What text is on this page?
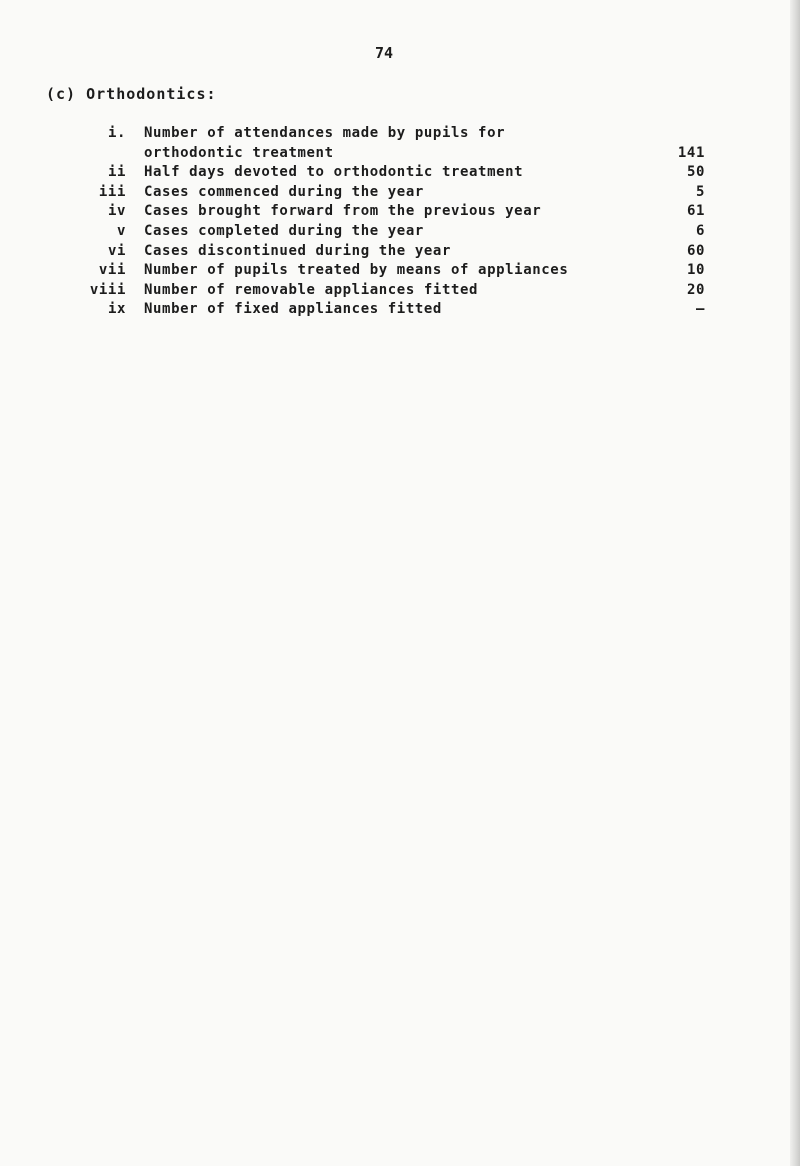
74
(c) Orthodontics:
i. Number of attendances made by pupils for
orthodontic treatment	141
ii Half days devoted to orthodontic treatment	50
iii Cases commenced during the year	5
iv Cases brought forward from the previous year	61
v Cases completed during the year	6
vi Cases discontinued during the year	60
vii Number of pupils treated by means of appliances	10
viii Number of removable appliances fitted	20
ix Number of fixed appliances fitted	–
